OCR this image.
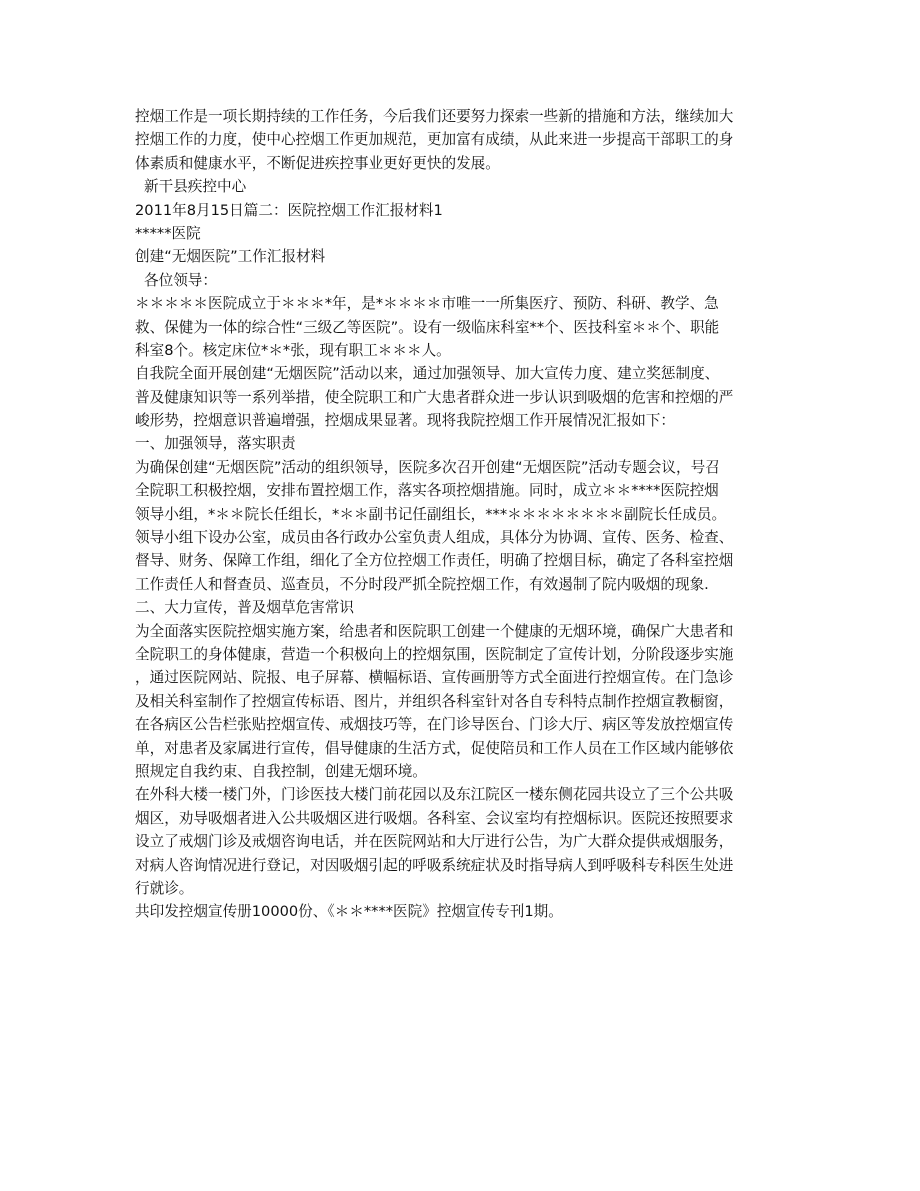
控烟工作是一项长期持续的工作任务，今后我们还要努力探索一些新的措施和方法，继续加大
控烟工作的力度，使中心控烟工作更加规范，更加富有成绩，从此来进一步提高干部职工的身
体素质和健康水平，不断促进疾控事业更好更快的发展。
新干县疾控中心
2011年8月15日篇二：医院控烟工作汇报材料1
*****医院
创建“无烟医院”工作汇报材料
各位领导：
＊＊＊＊＊医院成立于＊＊＊*年，是*＊＊＊＊市唯一一所集医疗、预防、科研、教学、急
救、保健为一体的综合性“三级乙等医院”。设有一级临床科室**个、医技科室＊＊个、职能
科室8个。核定床位*＊*张，现有职工＊＊＊人。
自我院全面开展创建“无烟医院”活动以来，通过加强领导、加大宣传力度、建立奖惩制度、
普及健康知识等一系列举措，使全院职工和广大患者群众进一步认识到吸烟的危害和控烟的严
峻形势，控烟意识普遍增强，控烟成果显著。现将我院控烟工作开展情况汇报如下：
一、加强领导，落实职责
为确保创建“无烟医院”活动的组织领导，医院多次召开创建“无烟医院”活动专题会议，号召
全院职工积极控烟，安排布置控烟工作，落实各项控烟措施。同时，成立＊＊****医院控烟
领导小组，*＊＊院长任组长，*＊＊副书记任副组长，***＊＊＊＊＊＊＊＊副院长任成员。
领导小组下设办公室，成员由各行政办公室负责人组成，具体分为协调、宣传、医务、检查、
督导、财务、保障工作组，细化了全方位控烟工作责任，明确了控烟目标，确定了各科室控烟
工作责任人和督查员、巡查员，不分时段严抓全院控烟工作，有效遏制了院内吸烟的现象.
二、大力宣传，普及烟草危害常识
为全面落实医院控烟实施方案，给患者和医院职工创建一个健康的无烟环境，确保广大患者和
全院职工的身体健康，营造一个积极向上的控烟氛围，医院制定了宣传计划，分阶段逐步实施
，通过医院网站、院报、电子屏幕、横幅标语、宣传画册等方式全面进行控烟宣传。在门急诊
及相关科室制作了控烟宣传标语、图片，并组织各科室针对各自专科特点制作控烟宣教橱窗，
在各病区公告栏张贴控烟宣传、戒烟技巧等，在门诊导医台、门诊大厅、病区等发放控烟宣传
单，对患者及家属进行宣传，倡导健康的生活方式，促使陪员和工作人员在工作区域内能够依
照规定自我约束、自我控制，创建无烟环境。
在外科大楼一楼门外，门诊医技大楼门前花园以及东江院区一楼东侧花园共设立了三个公共吸
烟区，劝导吸烟者进入公共吸烟区进行吸烟。各科室、会议室均有控烟标识。医院还按照要求
设立了戒烟门诊及戒烟咨询电话，并在医院网站和大厅进行公告，为广大群众提供戒烟服务，
对病人咨询情况进行登记，对因吸烟引起的呼吸系统症状及时指导病人到呼吸科专科医生处进
行就诊。
共印发控烟宣传册10000份、《＊＊****医院》控烟宣传专刊1期。
